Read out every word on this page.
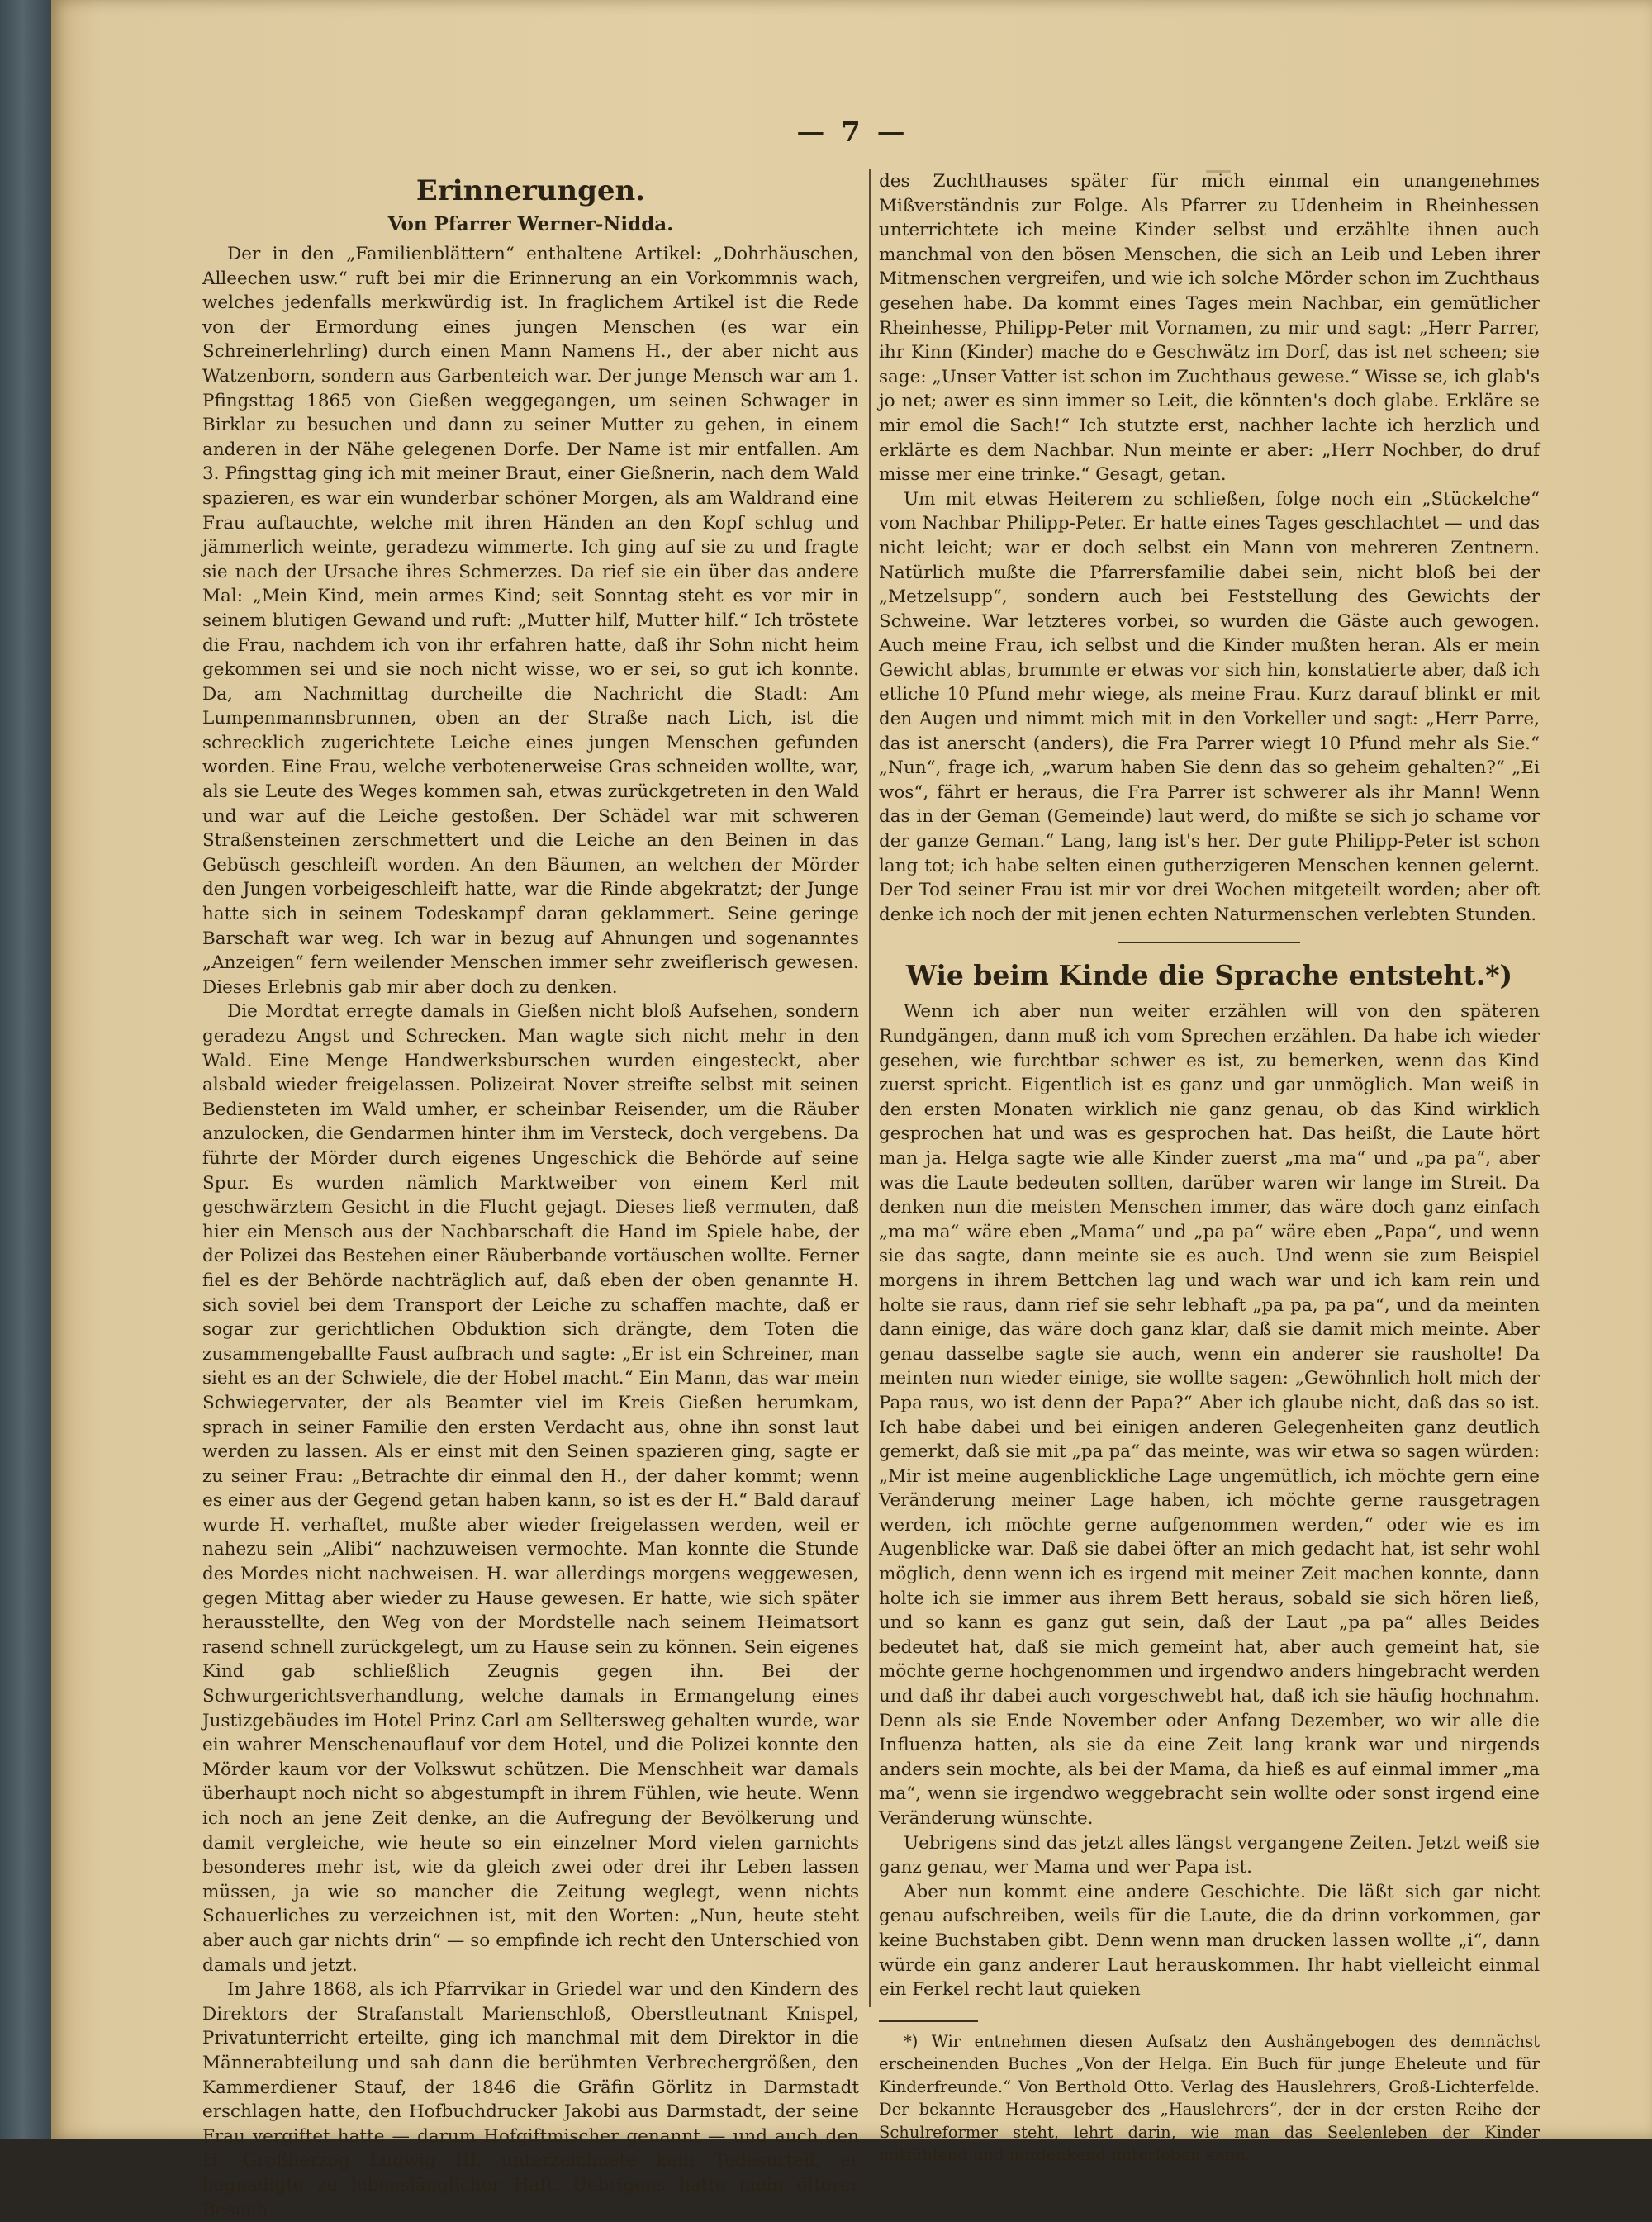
— 7 —
Erinnerungen.
Von Pfarrer Werner-Nidda.

Der in den „Familienblättern“ enthaltene Artikel: „Dohrhäuschen, Alleechen usw.“ ruft bei mir die Erinnerung an ein Vorkommnis wach, welches jedenfalls merkwürdig ist. In fraglichem Artikel ist die Rede von der Ermordung eines jungen Menschen (es war ein Schreinerlehrling) durch einen Mann Namens H., der aber nicht aus Watzenborn, sondern aus Garbenteich war. Der junge Mensch war am 1. Pfingsttag 1865 von Gießen weggegangen, um seinen Schwager in Birklar zu besuchen und dann zu seiner Mutter zu gehen, in einem anderen in der Nähe gelegenen Dorfe. Der Name ist mir entfallen. Am 3. Pfingsttag ging ich mit meiner Braut, einer Gießnerin, nach dem Wald spazieren, es war ein wunderbar schöner Morgen, als am Waldrand eine Frau auftauchte, welche mit ihren Händen an den Kopf schlug und jämmerlich weinte, geradezu wimmerte. Ich ging auf sie zu und fragte sie nach der Ursache ihres Schmerzes. Da rief sie ein über das andere Mal: „Mein Kind, mein armes Kind; seit Sonntag steht es vor mir in seinem blutigen Gewand und ruft: „Mutter hilf, Mutter hilf.“ Ich tröstete die Frau, nachdem ich von ihr erfahren hatte, daß ihr Sohn nicht heim gekommen sei und sie noch nicht wisse, wo er sei, so gut ich konnte. Da, am Nachmittag durcheilte die Nachricht die Stadt: Am Lumpenmannsbrunnen, oben an der Straße nach Lich, ist die schrecklich zugerichtete Leiche eines jungen Menschen gefunden worden. Eine Frau, welche verbotenerweise Gras schneiden wollte, war, als sie Leute des Weges kommen sah, etwas zurückgetreten in den Wald und war auf die Leiche gestoßen. Der Schädel war mit schweren Straßensteinen zerschmettert und die Leiche an den Beinen in das Gebüsch geschleift worden. An den Bäumen, an welchen der Mörder den Jungen vorbeigeschleift hatte, war die Rinde abgekratzt; der Junge hatte sich in seinem Todeskampf daran geklammert. Seine geringe Barschaft war weg. Ich war in bezug auf Ahnungen und sogenanntes „Anzeigen“ fern weilender Menschen immer sehr zweiflerisch gewesen. Dieses Erlebnis gab mir aber doch zu denken.

Die Mordtat erregte damals in Gießen nicht bloß Aufsehen, sondern geradezu Angst und Schrecken. Man wagte sich nicht mehr in den Wald. Eine Menge Handwerksburschen wurden eingesteckt, aber alsbald wieder freigelassen. Polizeirat Nover streifte selbst mit seinen Bediensteten im Wald umher, er scheinbar Reisender, um die Räuber anzulocken, die Gendarmen hinter ihm im Versteck, doch vergebens. Da führte der Mörder durch eigenes Ungeschick die Behörde auf seine Spur. Es wurden nämlich Marktweiber von einem Kerl mit geschwärztem Gesicht in die Flucht gejagt. Dieses ließ vermuten, daß hier ein Mensch aus der Nachbarschaft die Hand im Spiele habe, der der Polizei das Bestehen einer Räuberbande vortäuschen wollte. Ferner fiel es der Behörde nachträglich auf, daß eben der oben genannte H. sich soviel bei dem Transport der Leiche zu schaffen machte, daß er sogar zur gerichtlichen Obduktion sich drängte, dem Toten die zusammengeballte Faust aufbrach und sagte: „Er ist ein Schreiner, man sieht es an der Schwiele, die der Hobel macht.“ Ein Mann, das war mein Schwiegervater, der als Beamter viel im Kreis Gießen herumkam, sprach in seiner Familie den ersten Verdacht aus, ohne ihn sonst laut werden zu lassen. Als er einst mit den Seinen spazieren ging, sagte er zu seiner Frau: „Betrachte dir einmal den H., der daher kommt; wenn es einer aus der Gegend getan haben kann, so ist es der H.“ Bald darauf wurde H. verhaftet, mußte aber wieder freigelassen werden, weil er nahezu sein „Alibi“ nachzuweisen vermochte. Man konnte die Stunde des Mordes nicht nachweisen. H. war allerdings morgens weggewesen, gegen Mittag aber wieder zu Hause gewesen. Er hatte, wie sich später herausstellte, den Weg von der Mordstelle nach seinem Heimatsort rasend schnell zurückgelegt, um zu Hause sein zu können. Sein eigenes Kind gab schließlich Zeugnis gegen ihn. Bei der Schwurgerichtsverhandlung, welche damals in Ermangelung eines Justizgebäudes im Hotel Prinz Carl am Selltersweg gehalten wurde, war ein wahrer Menschenauflauf vor dem Hotel, und die Polizei konnte den Mörder kaum vor der Volkswut schützen. Die Menschheit war damals überhaupt noch nicht so abgestumpft in ihrem Fühlen, wie heute. Wenn ich noch an jene Zeit denke, an die Aufregung der Bevölkerung und damit vergleiche, wie heute so ein einzelner Mord vielen garnichts besonderes mehr ist, wie da gleich zwei oder drei ihr Leben lassen müssen, ja wie so mancher die Zeitung weglegt, wenn nichts Schauerliches zu verzeichnen ist, mit den Worten: „Nun, heute steht aber auch gar nichts drin“ — so empfinde ich recht den Unterschied von damals und jetzt.

Im Jahre 1868, als ich Pfarrvikar in Griedel war und den Kindern des Direktors der Strafanstalt Marienschloß, Oberstleutnant Knispel, Privatunterricht erteilte, ging ich manchmal mit dem Direktor in die Männerabteilung und sah dann die berühmten Verbrechergrößen, den Kammerdiener Stauf, der 1846 die Gräfin Görlitz in Darmstadt erschlagen hatte, den Hofbuchdrucker Jakobi aus Darmstadt, der seine Frau vergiftet hatte — darum Hofgiftmischer genannt — und auch den H. Großherzog Ludwig III. unterzeichnete kein Todesurteil, er begnadigte zu lebenslänglicher Haft. Uebrigens hatte mein öfterer Besuch

des Zuchthauses später für mich einmal ein unangenehmes Mißverständnis zur Folge. Als Pfarrer zu Udenheim in Rheinhessen unterrichtete ich meine Kinder selbst und erzählte ihnen auch manchmal von den bösen Menschen, die sich an Leib und Leben ihrer Mitmenschen vergreifen, und wie ich solche Mörder schon im Zuchthaus gesehen habe. Da kommt eines Tages mein Nachbar, ein gemütlicher Rheinhesse, Philipp-Peter mit Vornamen, zu mir und sagt: „Herr Parrer, ihr Kinn (Kinder) mache do e Geschwätz im Dorf, das ist net scheen; sie sage: „Unser Vatter ist schon im Zuchthaus gewese.“ Wisse se, ich glab's jo net; awer es sinn immer so Leit, die könnten's doch glabe. Erkläre se mir emol die Sach!“ Ich stutzte erst, nachher lachte ich herzlich und erklärte es dem Nachbar. Nun meinte er aber: „Herr Nochber, do druf misse mer eine trinke.“ Gesagt, getan.

Um mit etwas Heiterem zu schließen, folge noch ein „Stückelche“ vom Nachbar Philipp-Peter. Er hatte eines Tages geschlachtet — und das nicht leicht; war er doch selbst ein Mann von mehreren Zentnern. Natürlich mußte die Pfarrersfamilie dabei sein, nicht bloß bei der „Metzelsupp“, sondern auch bei Feststellung des Gewichts der Schweine. War letzteres vorbei, so wurden die Gäste auch gewogen. Auch meine Frau, ich selbst und die Kinder mußten heran. Als er mein Gewicht ablas, brummte er etwas vor sich hin, konstatierte aber, daß ich etliche 10 Pfund mehr wiege, als meine Frau. Kurz darauf blinkt er mit den Augen und nimmt mich mit in den Vorkeller und sagt: „Herr Parre, das ist anerscht (anders), die Fra Parrer wiegt 10 Pfund mehr als Sie.“ „Nun“, frage ich, „warum haben Sie denn das so geheim gehalten?“ „Ei wos“, fährt er heraus, die Fra Parrer ist schwerer als ihr Mann! Wenn das in der Geman (Gemeinde) laut werd, do mißte se sich jo schame vor der ganze Geman.“ Lang, lang ist's her. Der gute Philipp-Peter ist schon lang tot; ich habe selten einen gutherzigeren Menschen kennen gelernt. Der Tod seiner Frau ist mir vor drei Wochen mitgeteilt worden; aber oft denke ich noch der mit jenen echten Naturmenschen verlebten Stunden.

Wie beim Kinde die Sprache entsteht.*)

Wenn ich aber nun weiter erzählen will von den späteren Rundgängen, dann muß ich vom Sprechen erzählen. Da habe ich wieder gesehen, wie furchtbar schwer es ist, zu bemerken, wenn das Kind zuerst spricht. Eigentlich ist es ganz und gar unmöglich. Man weiß in den ersten Monaten wirklich nie ganz genau, ob das Kind wirklich gesprochen hat und was es gesprochen hat. Das heißt, die Laute hört man ja. Helga sagte wie alle Kinder zuerst „ma ma“ und „pa pa“, aber was die Laute bedeuten sollten, darüber waren wir lange im Streit. Da denken nun die meisten Menschen immer, das wäre doch ganz einfach „ma ma“ wäre eben „Mama“ und „pa pa“ wäre eben „Papa“, und wenn sie das sagte, dann meinte sie es auch. Und wenn sie zum Beispiel morgens in ihrem Bettchen lag und wach war und ich kam rein und holte sie raus, dann rief sie sehr lebhaft „pa pa, pa pa“, und da meinten dann einige, das wäre doch ganz klar, daß sie damit mich meinte. Aber genau dasselbe sagte sie auch, wenn ein anderer sie rausholte! Da meinten nun wieder einige, sie wollte sagen: „Gewöhnlich holt mich der Papa raus, wo ist denn der Papa?“ Aber ich glaube nicht, daß das so ist. Ich habe dabei und bei einigen anderen Gelegenheiten ganz deutlich gemerkt, daß sie mit „pa pa“ das meinte, was wir etwa so sagen würden: „Mir ist meine augenblickliche Lage ungemütlich, ich möchte gern eine Veränderung meiner Lage haben, ich möchte gerne rausgetragen werden, ich möchte gerne aufgenommen werden,“ oder wie es im Augenblicke war. Daß sie dabei öfter an mich gedacht hat, ist sehr wohl möglich, denn wenn ich es irgend mit meiner Zeit machen konnte, dann holte ich sie immer aus ihrem Bett heraus, sobald sie sich hören ließ, und so kann es ganz gut sein, daß der Laut „pa pa“ alles Beides bedeutet hat, daß sie mich gemeint hat, aber auch gemeint hat, sie möchte gerne hochgenommen und irgendwo anders hingebracht werden und daß ihr dabei auch vorgeschwebt hat, daß ich sie häufig hochnahm. Denn als sie Ende November oder Anfang Dezember, wo wir alle die Influenza hatten, als sie da eine Zeit lang krank war und nirgends anders sein mochte, als bei der Mama, da hieß es auf einmal immer „ma ma“, wenn sie irgendwo weggebracht sein wollte oder sonst irgend eine Veränderung wünschte.

Uebrigens sind das jetzt alles längst vergangene Zeiten. Jetzt weiß sie ganz genau, wer Mama und wer Papa ist.

Aber nun kommt eine andere Geschichte. Die läßt sich gar nicht genau aufschreiben, weils für die Laute, die da drinn vorkommen, gar keine Buchstaben gibt. Denn wenn man drucken lassen wollte „i“, dann würde ein ganz anderer Laut herauskommen. Ihr habt vielleicht einmal ein Ferkel recht laut quieken

*) Wir entnehmen diesen Aufsatz den Aushängebogen des demnächst erscheinenden Buches „Von der Helga. Ein Buch für junge Eheleute und für Kinderfreunde.“ Von Berthold Otto. Verlag des Hauslehrers, Groß-Lichterfelde. Der bekannte Herausgeber des „Hauslehrers“, der in der ersten Reihe der Schulreformer steht, lehrt darin, wie man das Seelenleben der Kinder mitfühlend und mitdenkend miterleben kann.
